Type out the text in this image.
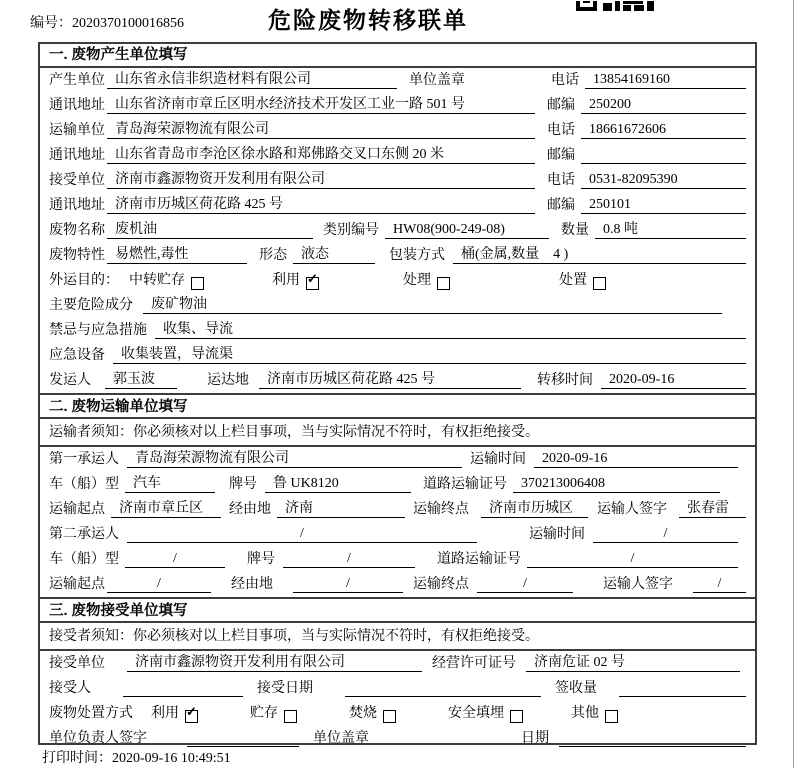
编号：2020370100016856	危险废物转移联单
一. 废物产生单位填写
产生单位 山东省永信非织造材料有限公司	单位盖章	电话	13854169160
通讯地址 山东省济南市章丘区明水经济技术开发区工业一路 501 号	邮编	250200
运输单位 青岛海荣源物流有限公司	电话	18661672606
通讯地址 山东省青岛市李沧区徐水路和郑佛路交叉口东侧 20 米	邮编
接受单位 济南市鑫源物资开发利用有限公司	电话	0531-82095390
通讯地址 济南市历城区荷花路 425 号	邮编	250101
废物名称 废机油	类别编号	HW08(900-249-08)	数量	0.8 吨
废物特性 易燃性,毒性	形态	液态	包装方式	桶(金属,数量　4 )
外运目的： 中转贮存	利用 ✓	处理	处置
主要危险成分	废矿物油
禁忌与应急措施	收集、导流
应急设备	收集装置，导流渠
发运人	郭玉波	运达地	济南市历城区荷花路 425 号	转移时间	2020-09-16
二. 废物运输单位填写
运输者须知：你必须核对以上栏目事项，当与实际情况不符时，有权拒绝接受。
第一承运人	青岛海荣源物流有限公司	运输时间	2020-09-16
车（船）型	汽车	牌号	鲁 UK8120	道路运输证号	370213006408
运输起点	济南市章丘区	经由地	济南	运输终点	济南市历城区	运输人签字	张春雷
第二承运人	/	运输时间	/
车（船）型	/	牌号	/	道路运输证号	/
运输起点	/	经由地	/	运输终点	/	运输人签字	/
三. 废物接受单位填写
接受者须知：你必须核对以上栏目事项，当与实际情况不符时，有权拒绝接受。
接受单位	济南市鑫源物资开发利用有限公司	经营许可证号	济南危证 02 号
接受人	接受日期	签收量
废物处置方式 利用 ✓	贮存	焚烧	安全填埋	其他
单位负责人签字	单位盖章	日期
打印时间：2020-09-16 10:49:51
